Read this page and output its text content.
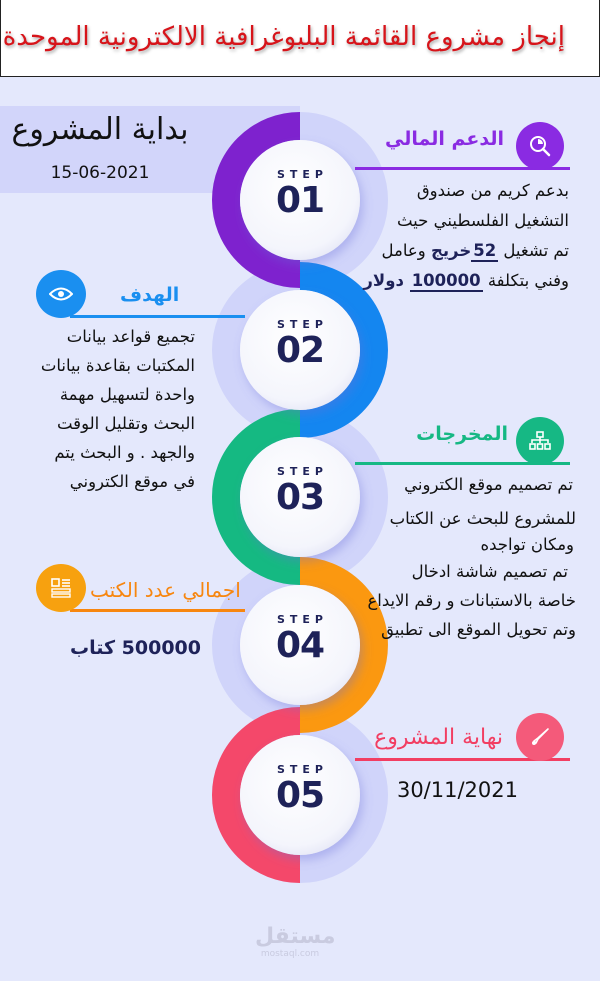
إنجاز مشروع القائمة البليوغرافية الالكترونية الموحدة
بداية المشروع
15-06-2021	STEP
01
STEP
02
STEP
03
STEP
04
STEP
05
الدعم المالي
بدعم كريم من صندوق
التشغيل الفلسطيني حيث
تم تشغيل 52خريج وعامل
وفني بتكلفة 100000 دولار
الهدف
تجميع قواعد بيانات
المكتبات بقاعدة بيانات
واحدة لتسهيل مهمة
البحث وتقليل الوقت
والجهد . و البحث يتم
في موقع الكتروني
المخرجات
تم تصميم موقع الكتروني
للمشروع للبحث عن الكتاب
ومكان تواجده
تم تصميم شاشة ادخال
خاصة بالاستبانات و رقم الايداع
وتم تحويل الموقع الى تطبيق
اجمالي عدد الكتب
500000 كتاب
نهاية المشروع
30/11/2021
مستقل
mostaql.com
